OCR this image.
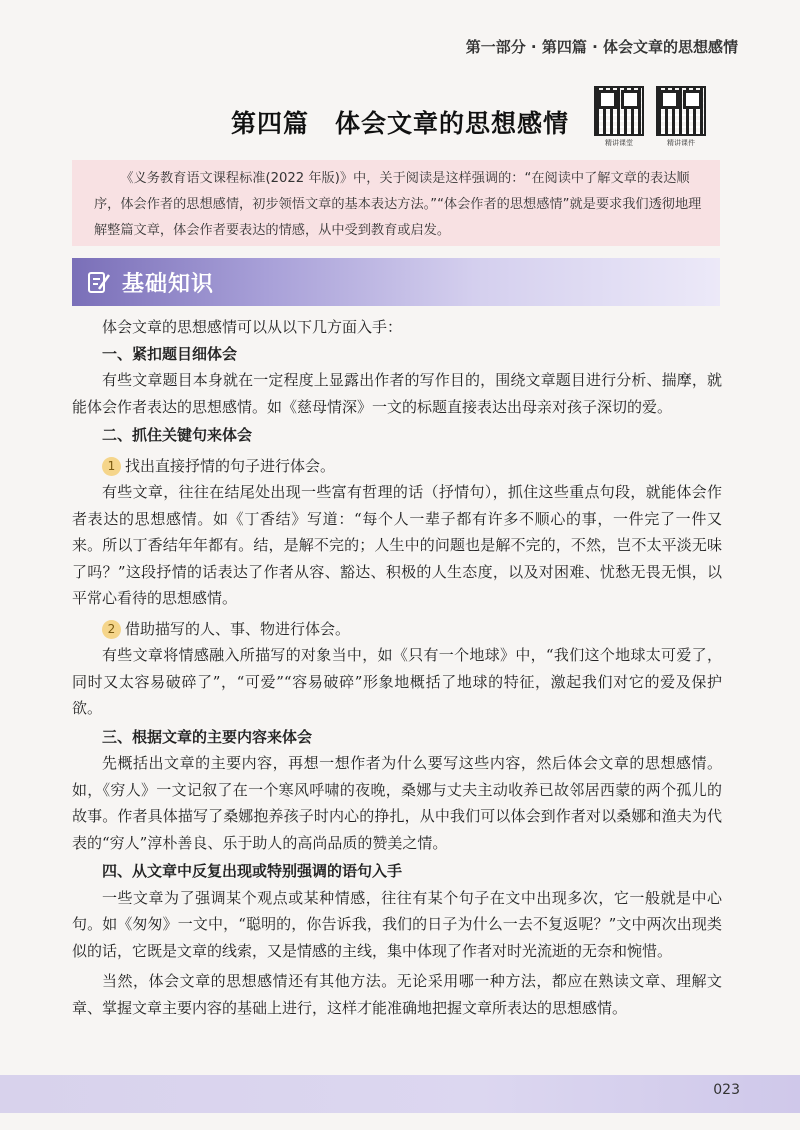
第一部分 · 第四篇 · 体会文章的思想感情
第四篇 体会文章的思想感情
精讲课堂	精讲课件

《义务教育语文课程标准(2022 年版)》中，关于阅读是这样强调的：“在阅读中了解文章的表达顺序，体会作者的思想感情，初步领悟文章的基本表达方法。”“体会作者的思想感情”就是要求我们透彻地理解整篇文章，体会作者要表达的情感，从中受到教育或启发。

基础知识

体会文章的思想感情可以从以下几方面入手：

一、紧扣题目细体会

有些文章题目本身就在一定程度上显露出作者的写作目的，围绕文章题目进行分析、揣摩，就能体会作者表达的思想感情。如《慈母情深》一文的标题直接表达出母亲对孩子深切的爱。

二、抓住关键句来体会
1 找出直接抒情的句子进行体会。

有些文章，往往在结尾处出现一些富有哲理的话（抒情句），抓住这些重点句段，就能体会作者表达的思想感情。如《丁香结》写道：“每个人一辈子都有许多不顺心的事，一件完了一件又来。所以丁香结年年都有。结，是解不完的；人生中的问题也是解不完的，不然，岂不太平淡无味了吗？”这段抒情的话表达了作者从容、豁达、积极的人生态度，以及对困难、忧愁无畏无惧，以平常心看待的思想感情。

2 借助描写的人、事、物进行体会。

有些文章将情感融入所描写的对象当中，如《只有一个地球》中，“我们这个地球太可爱了，同时又太容易破碎了”，“可爱”“容易破碎”形象地概括了地球的特征，激起我们对它的爱及保护欲。

三、根据文章的主要内容来体会

先概括出文章的主要内容，再想一想作者为什么要写这些内容，然后体会文章的思想感情。如，《穷人》一文记叙了在一个寒风呼啸的夜晚，桑娜与丈夫主动收养已故邻居西蒙的两个孤儿的故事。作者具体描写了桑娜抱养孩子时内心的挣扎，从中我们可以体会到作者对以桑娜和渔夫为代表的“穷人”淳朴善良、乐于助人的高尚品质的赞美之情。

四、从文章中反复出现或特别强调的语句入手

一些文章为了强调某个观点或某种情感，往往有某个句子在文中出现多次，它一般就是中心句。如《匆匆》一文中，“聪明的，你告诉我，我们的日子为什么一去不复返呢？”文中两次出现类似的话，它既是文章的线索，又是情感的主线，集中体现了作者对时光流逝的无奈和惋惜。

当然，体会文章的思想感情还有其他方法。无论采用哪一种方法，都应在熟读文章、理解文章、掌握文章主要内容的基础上进行，这样才能准确地把握文章所表达的思想感情。

023
